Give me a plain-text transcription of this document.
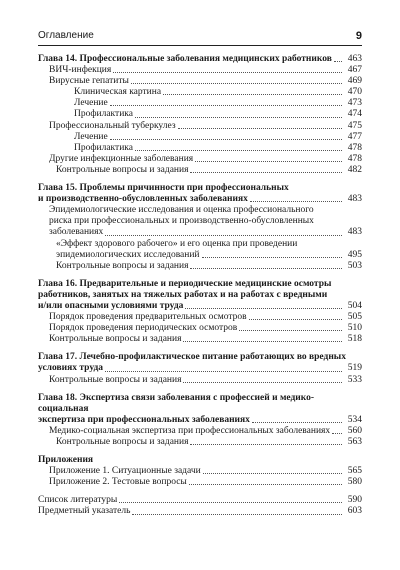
Оглавление	9
Глава 14. Профессиональные заболевания медицинских работников	463
ВИЧ-инфекция	467
Вирусные гепатиты	469
Клиническая картина	470
Лечение	473
Профилактика	474
Профессиональный туберкулез	475
Лечение	477
Профилактика	478
Другие инфекционные заболевания	478
Контрольные вопросы и задания	482
Глава 15. Проблемы причинности при профессиональных
и производственно-обусловленных заболеваниях	483
Эпидемиологические исследования и оценка профессионального
риска при профессиональных и производственно-обусловленных
заболеваниях	483
«Эффект здорового рабочего» и его оценка при проведении
эпидемиологических исследований	495
Контрольные вопросы и задания	503
Глава 16. Предварительные и периодические медицинские осмотры
работников, занятых на тяжелых работах и на работах с вредными
и/или опасными условиями труда	504
Порядок проведения предварительных осмотров	505
Порядок проведения периодических осмотров	510
Контрольные вопросы и задания	518
Глава 17. Лечебно-профилактическое питание работающих во вредных
условиях труда	519
Контрольные вопросы и задания	533
Глава 18. Экспертиза связи заболевания с профессией и медико-социальная
экспертиза при профессиональных заболеваниях	534
Медико-социальная экспертиза при профессиональных заболеваниях	560
Контрольные вопросы и задания	563
Приложения
Приложение 1. Ситуационные задачи	565
Приложение 2. Тестовые вопросы	580
Список литературы	590
Предметный указатель	603
